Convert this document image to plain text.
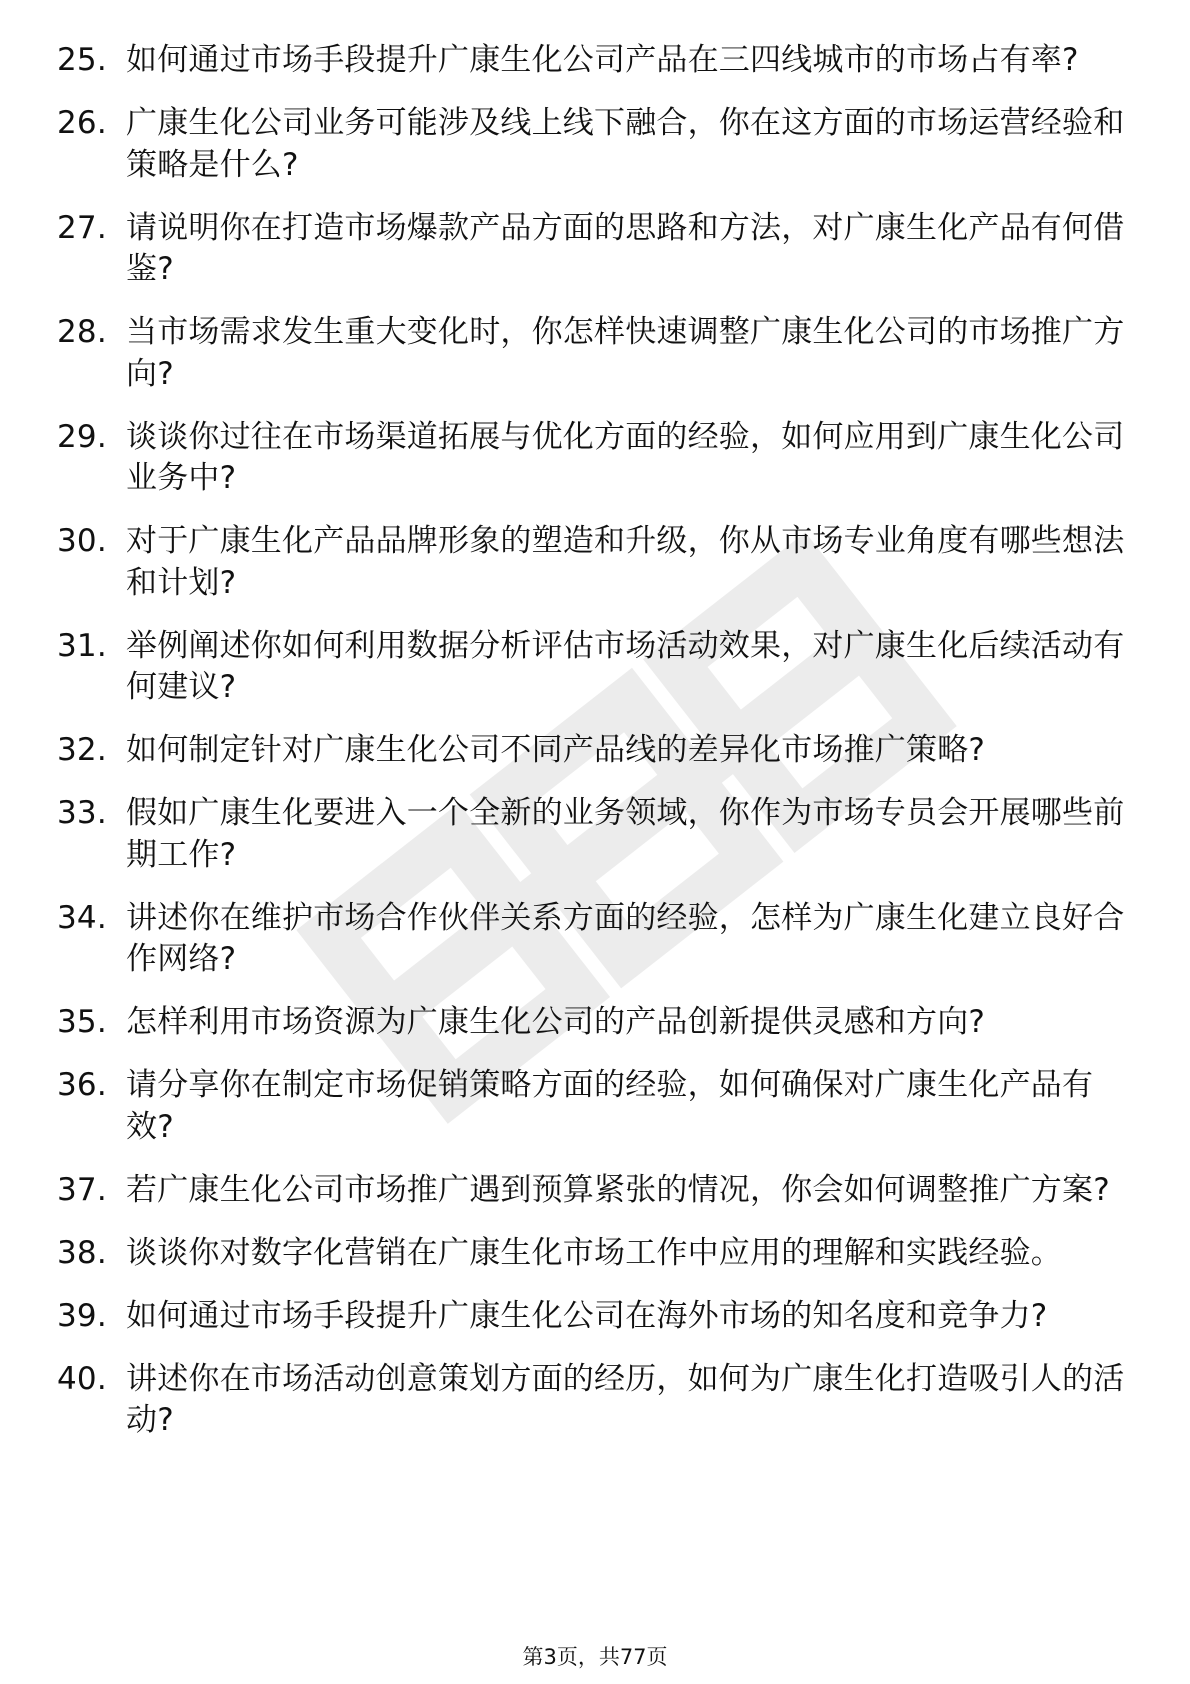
25. 如何通过市场手段提升广康生化公司产品在三四线城市的市场占有率?
26. 广康生化公司业务可能涉及线上线下融合，你在这方面的市场运营经验和策略是什么?
27. 请说明你在打造市场爆款产品方面的思路和方法，对广康生化产品有何借鉴?
28. 当市场需求发生重大变化时，你怎样快速调整广康生化公司的市场推广方向?
29. 谈谈你过往在市场渠道拓展与优化方面的经验，如何应用到广康生化公司业务中?
30. 对于广康生化产品品牌形象的塑造和升级，你从市场专业角度有哪些想法和计划?
31. 举例阐述你如何利用数据分析评估市场活动效果，对广康生化后续活动有何建议?
32. 如何制定针对广康生化公司不同产品线的差异化市场推广策略?
33. 假如广康生化要进入一个全新的业务领域，你作为市场专员会开展哪些前期工作?
34. 讲述你在维护市场合作伙伴关系方面的经验，怎样为广康生化建立良好合作网络?
35. 怎样利用市场资源为广康生化公司的产品创新提供灵感和方向?
36. 请分享你在制定市场促销策略方面的经验，如何确保对广康生化产品有效?
37. 若广康生化公司市场推广遇到预算紧张的情况，你会如何调整推广方案?
38. 谈谈你对数字化营销在广康生化市场工作中应用的理解和实践经验。
39. 如何通过市场手段提升广康生化公司在海外市场的知名度和竞争力?
40. 讲述你在市场活动创意策划方面的经历，如何为广康生化打造吸引人的活动?
第3页，共77页
